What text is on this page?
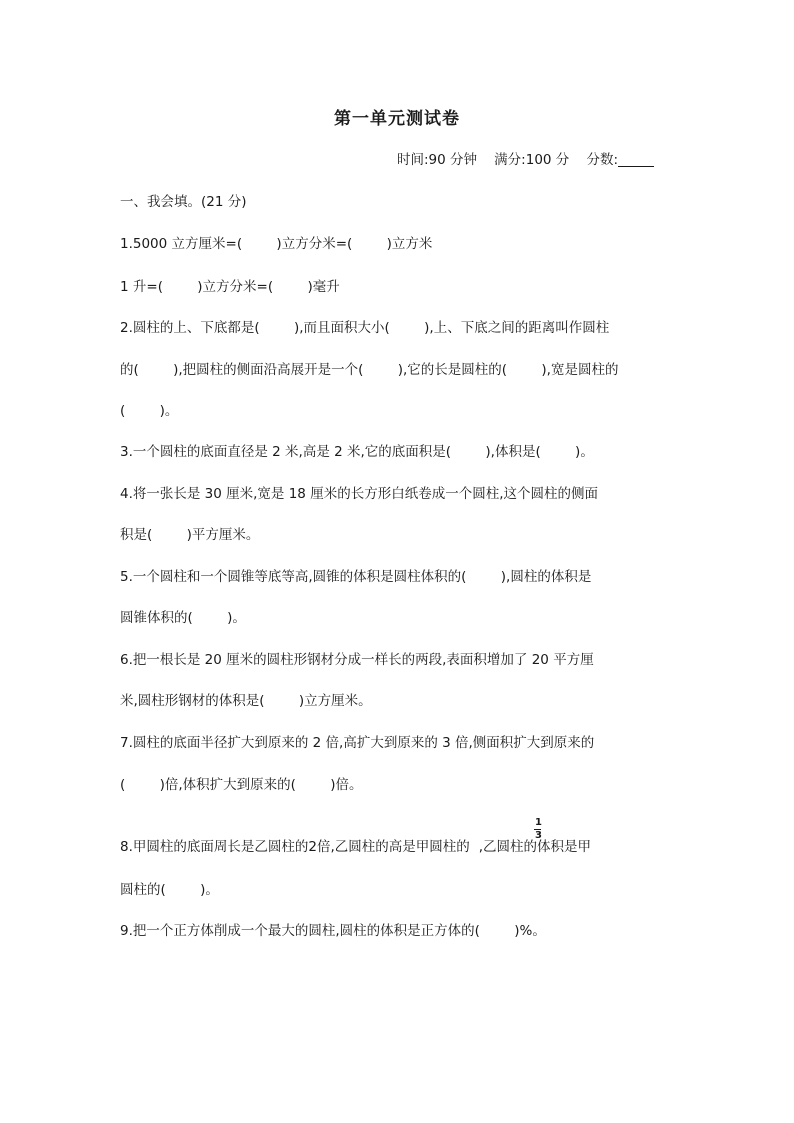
第一单元测试卷
时间:90 分钟    满分:100 分    分数:
一、我会填。(21 分)
1.5000 立方厘米=(        )立方分米=(        )立方米
1 升=(        )立方分米=(        )毫升
2.圆柱的上、下底都是(        ),而且面积大小(        ),上、下底之间的距离叫作圆柱
的(        ),把圆柱的侧面沿高展开是一个(        ),它的长是圆柱的(        ),宽是圆柱的
(        )。
3.一个圆柱的底面直径是 2 米,高是 2 米,它的底面积是(        ),体积是(        )。
4.将一张长是 30 厘米,宽是 18 厘米的长方形白纸卷成一个圆柱,这个圆柱的侧面
积是(        )平方厘米。
5.一个圆柱和一个圆锥等底等高,圆锥的体积是圆柱体积的(        ),圆柱的体积是
圆锥体积的(        )。
6.把一根长是 20 厘米的圆柱形钢材分成一样长的两段,表面积增加了 20 平方厘
米,圆柱形钢材的体积是(        )立方厘米。
7.圆柱的底面半径扩大到原来的 2 倍,高扩大到原来的 3 倍,侧面积扩大到原来的
(        )倍,体积扩大到原来的(        )倍。
8.甲圆柱的底面周长是乙圆柱的2倍,乙圆柱的高是甲圆柱的 ,乙圆柱的体积是甲
1
3
圆柱的(        )。
9.把一个正方体削成一个最大的圆柱,圆柱的体积是正方体的(        )%。
